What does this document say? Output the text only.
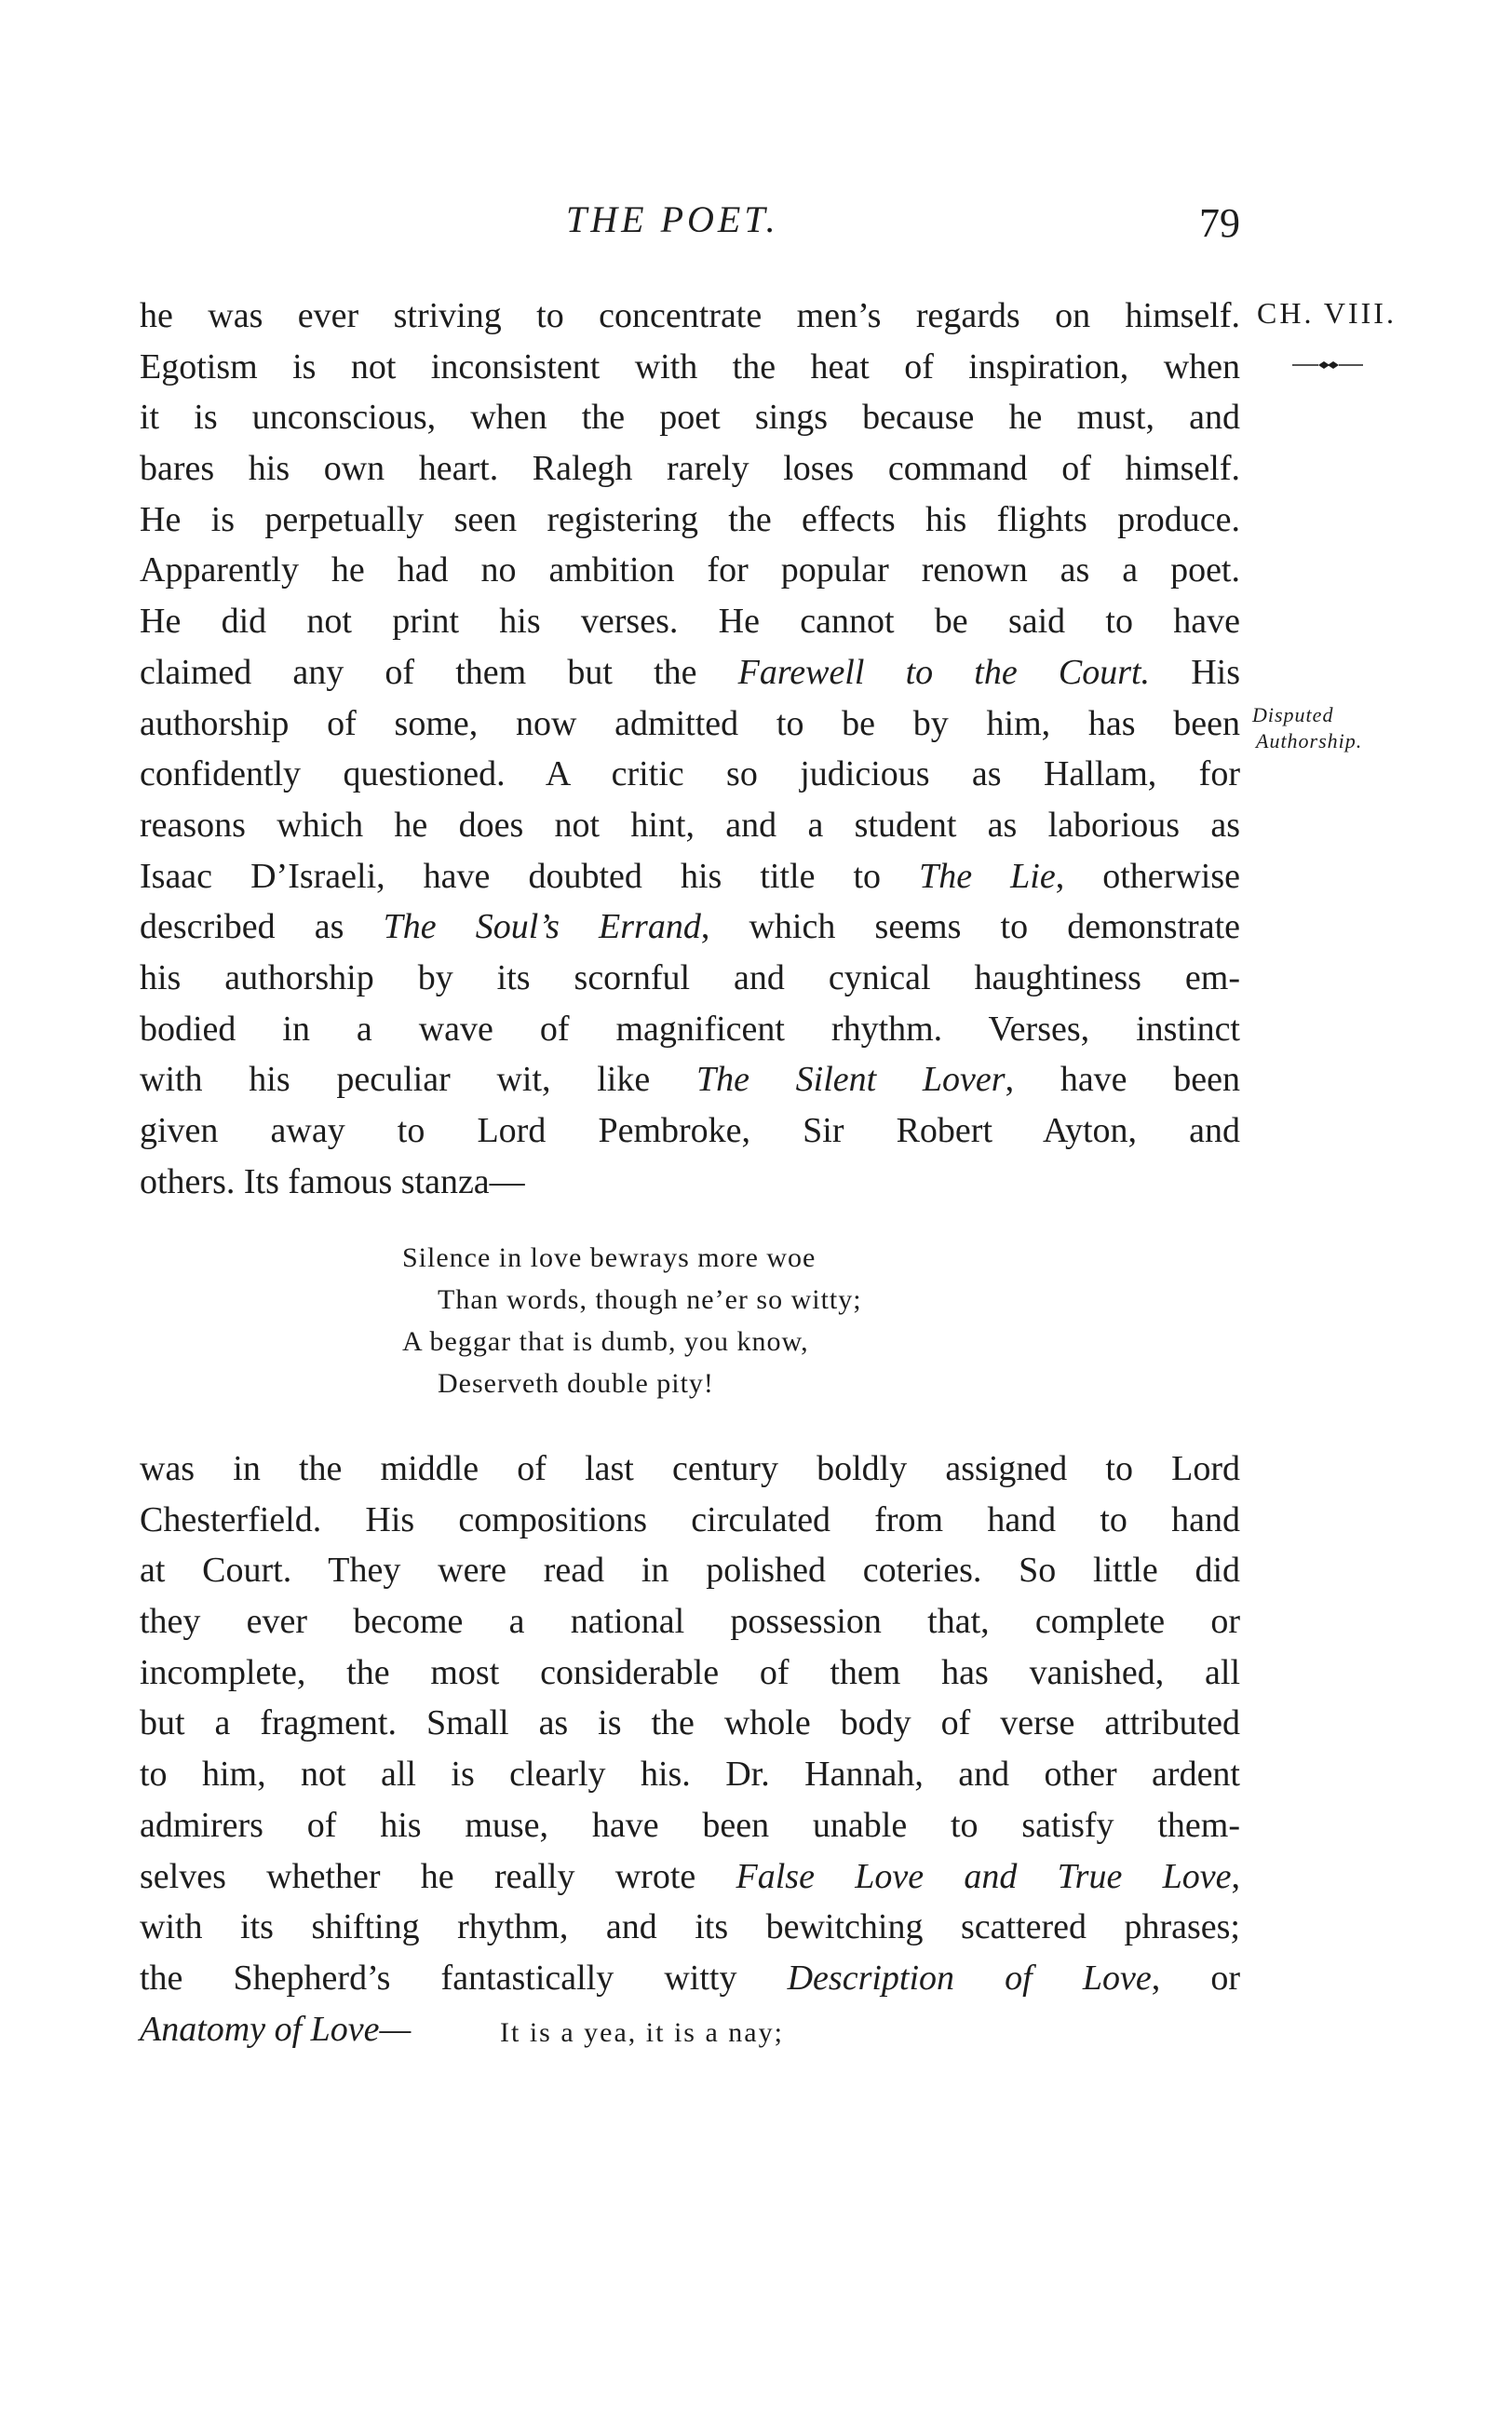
THE POET.	79
CH. VIII.
Disputed
Authorship.
he was ever striving to concentrate men’s regards on himself.
Egotism is not inconsistent with the heat of inspiration, when
it is unconscious, when the poet sings because he must, and
bares his own heart. Ralegh rarely loses command of himself.
He is perpetually seen registering the effects his flights produce.
Apparently he had no ambition for popular renown as a poet.
He did not print his verses. He cannot be said to have
claimed any of them but the Farewell to the Court. His
authorship of some, now admitted to be by him, has been
confidently questioned. A critic so judicious as Hallam, for
reasons which he does not hint, and a student as laborious as
Isaac D’Israeli, have doubted his title to The Lie, otherwise
described as The Soul’s Errand, which seems to demonstrate
his authorship by its scornful and cynical haughtiness em-
bodied in a wave of magnificent rhythm. Verses, instinct
with his peculiar wit, like The Silent Lover, have been
given away to Lord Pembroke, Sir Robert Ayton, and
others. Its famous stanza—
Silence in love bewrays more woe
Than words, though ne’er so witty;
A beggar that is dumb, you know,
Deserveth double pity!
was in the middle of last century boldly assigned to Lord
Chesterfield. His compositions circulated from hand to hand
at Court. They were read in polished coteries. So little did
they ever become a national possession that, complete or
incomplete, the most considerable of them has vanished, all
but a fragment. Small as is the whole body of verse attributed
to him, not all is clearly his. Dr. Hannah, and other ardent
admirers of his muse, have been unable to satisfy them-
selves whether he really wrote False Love and True Love,
with its shifting rhythm, and its bewitching scattered phrases;
the Shepherd’s fantastically witty Description of Love, or
Anatomy of Love—	It is a yea, it is a nay;
